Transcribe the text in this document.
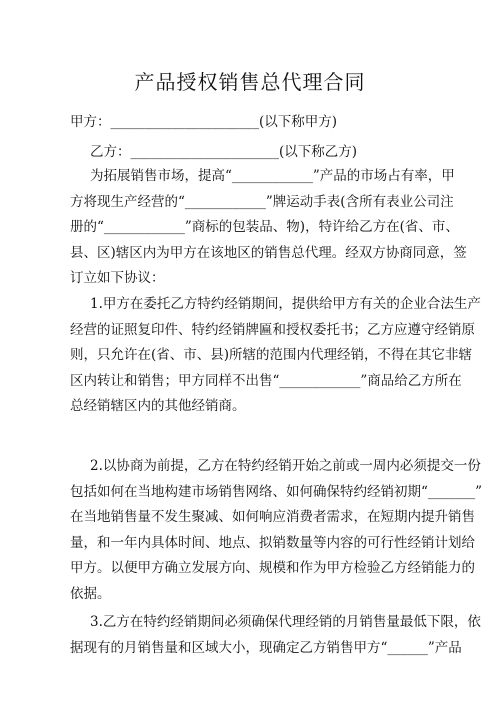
产品授权销售总代理合同
甲方：______________________(以下称甲方)
乙方：______________________(以下称乙方)
为拓展销售市场，提高“____________”产品的市场占有率，甲
方将现生产经营的“____________”牌运动手表(含所有表业公司注
册的“____________”商标的包装品、物)，特许给乙方在(省、市、
县、区)辖区内为甲方在该地区的销售总代理。经双方协商同意，签
订立如下协议：
1.甲方在委托乙方特约经销期间，提供给甲方有关的企业合法生产
经营的证照复印件、特约经销牌匾和授权委托书；乙方应遵守经销原
则，只允许在(省、市、县)所辖的范围内代理经销，不得在其它非辖
区内转让和销售；甲方同样不出售“____________”商品给乙方所在
总经销辖区内的其他经销商。
2.以协商为前提，乙方在特约经销开始之前或一周内必须提交一份
包括如何在当地构建市场销售网络、如何确保特约经销初期“_______”
在当地销售量不发生聚减、如何响应消费者需求，在短期内提升销售
量，和一年内具体时间、地点、拟销数量等内容的可行性经销计划给
甲方。以便甲方确立发展方向、规模和作为甲方检验乙方经销能力的
依据。
3.乙方在特约经销期间必须确保代理经销的月销售量最低下限，依
据现有的月销售量和区域大小，现确定乙方销售甲方“______”产品
